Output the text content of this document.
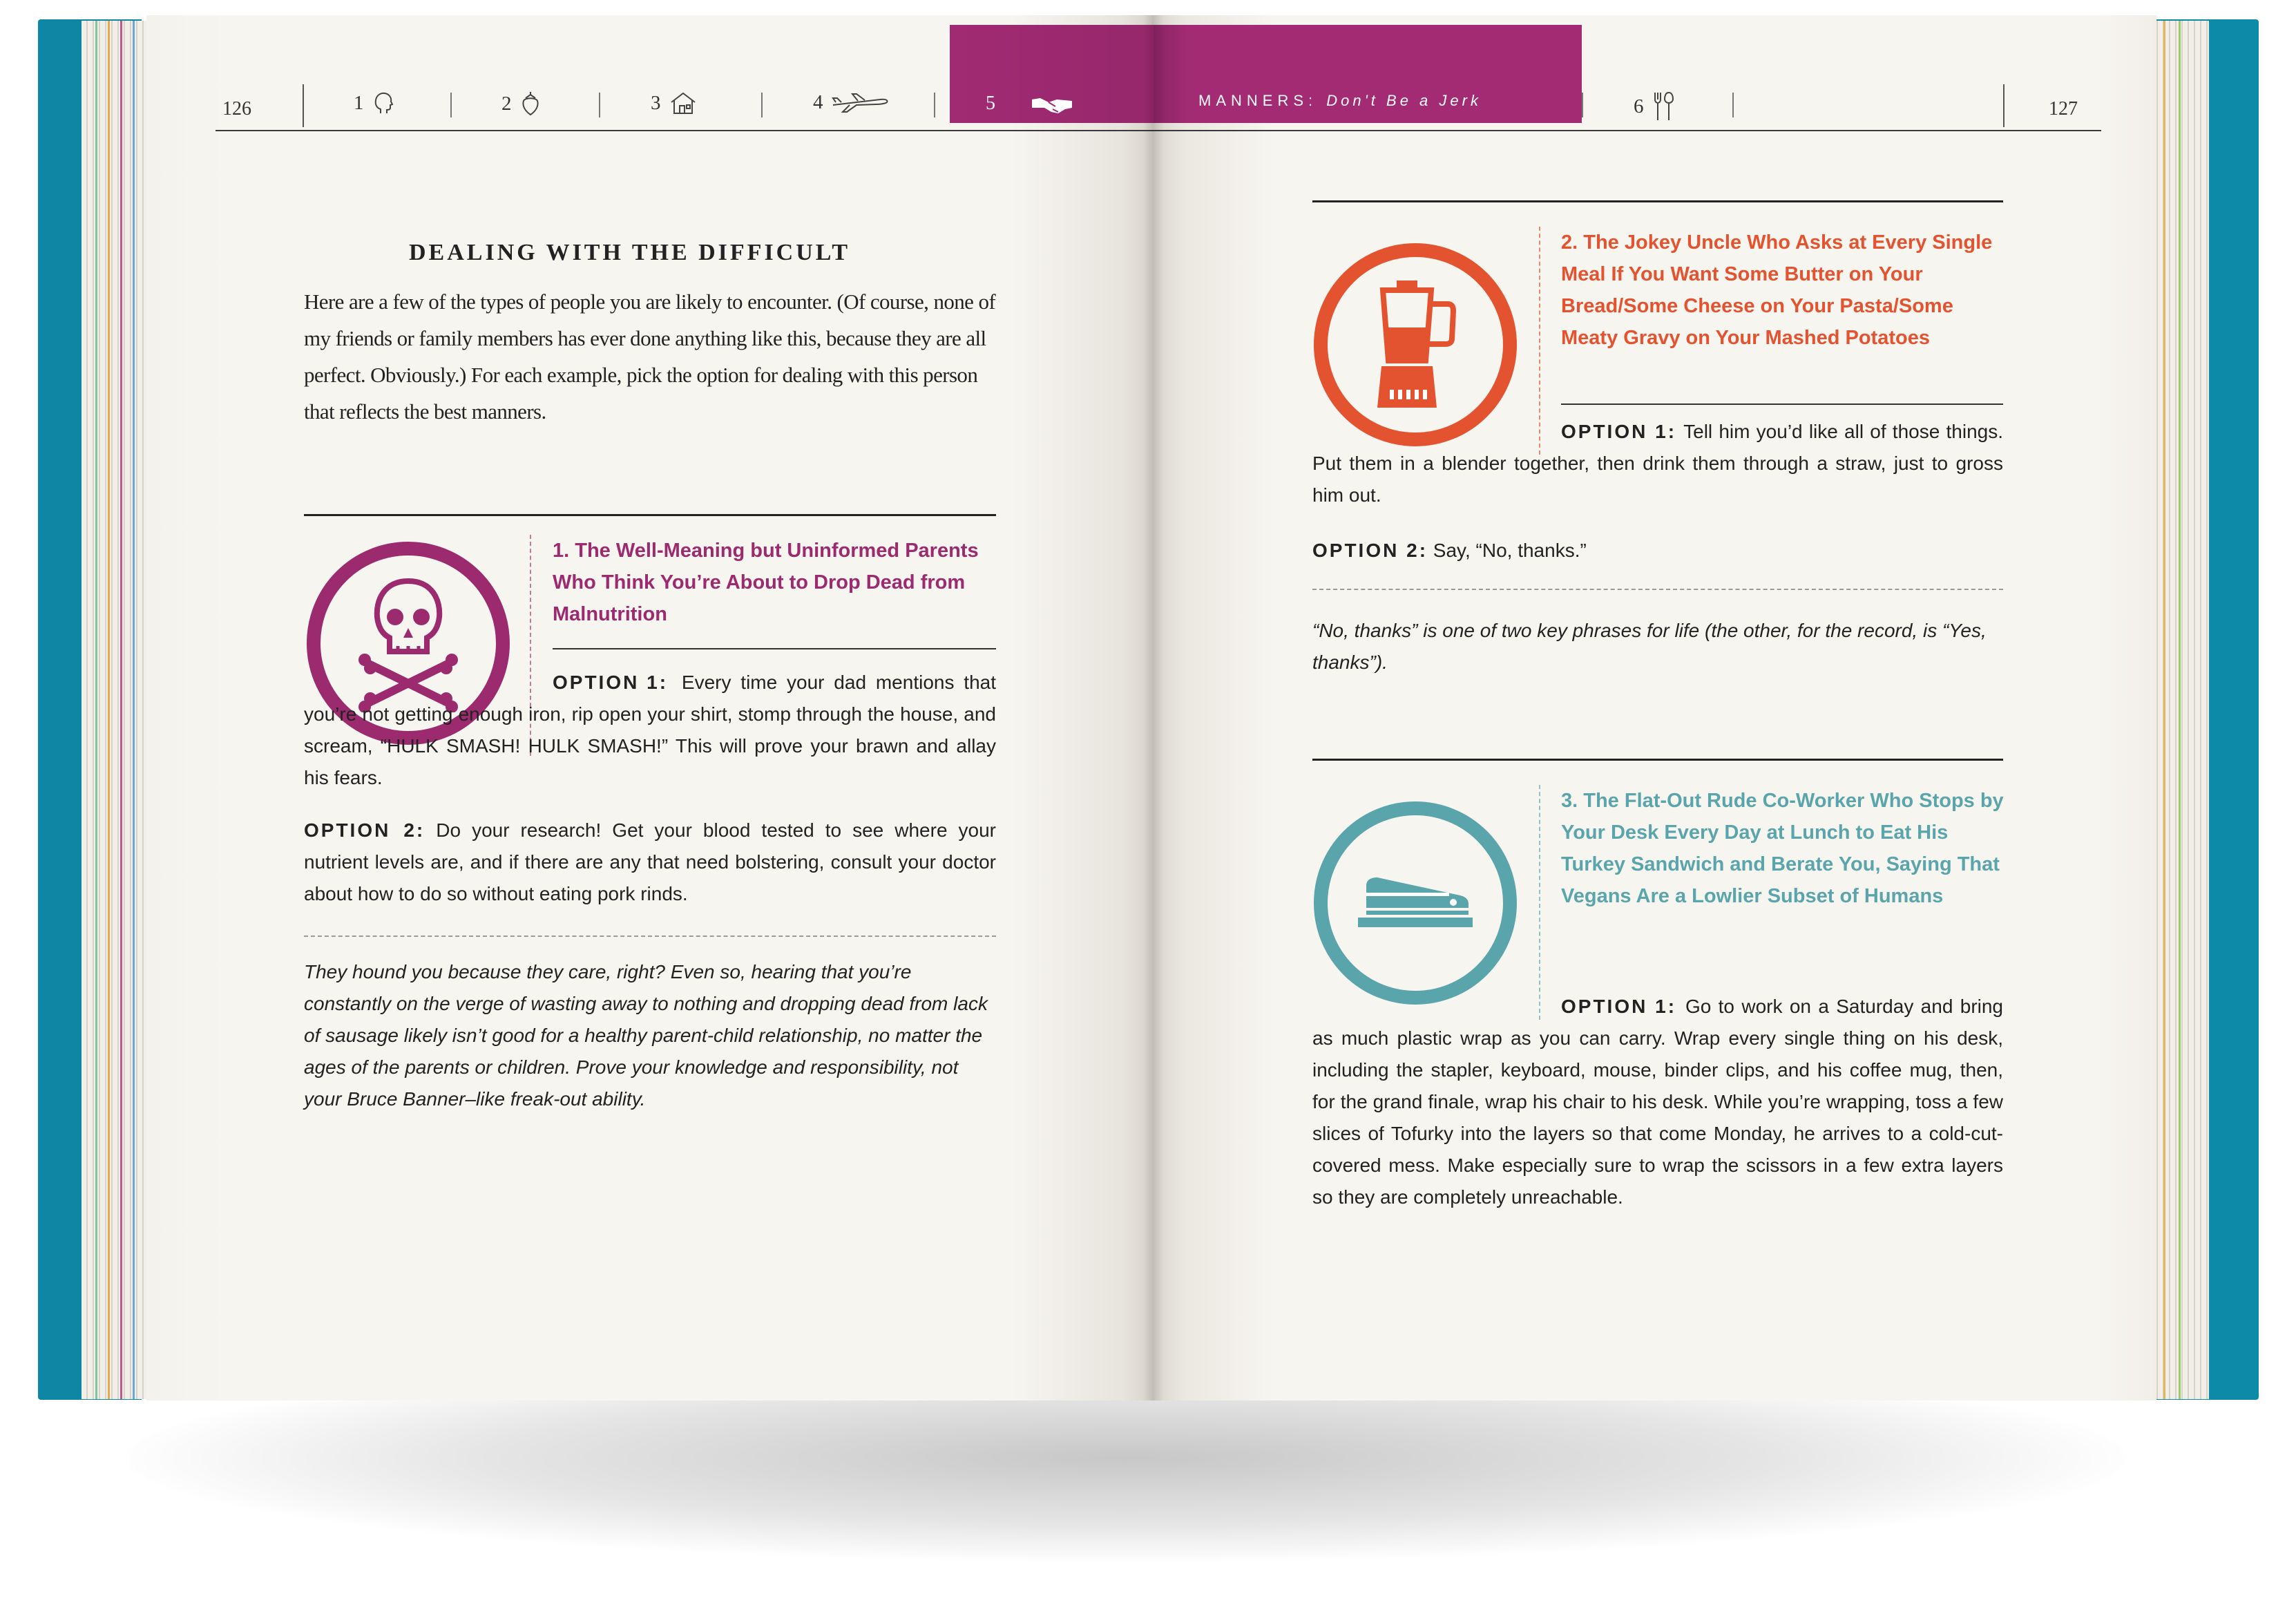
126	1	2	3	4	5
DEALING WITH THE DIFFICULT

Here are a few of the types of people you are likely to encounter. (Of course, none of my friends or family members has ever done anything like this, because they are all perfect. Obviously.) For each example, pick the option for dealing with this person that reflects the best manners.

1. The Well-Meaning but Uninformed Parents Who Think You’re About to Drop Dead from Malnutrition
OPTION 1: Every time your dad mentions that you’re not getting enough iron, rip open your shirt, stomp through the house, and scream, “HULK SMASH! HULK SMASH!” This will prove your brawn and allay his fears.

OPTION 2: Do your research! Get your blood tested to see where your nutrient levels are, and if there are any that need bolstering, consult your doctor about how to do so without eating pork rinds.

They hound you because they care, right? Even so, hearing that you’re constantly on the verge of wasting away to nothing and dropping dead from lack of sausage likely isn’t good for a healthy parent-child relationship, no matter the ages of the parents or children. Prove your knowledge and responsibility, not your Bruce Banner–like freak-out ability.

MANNERS: Don't Be a Jerk	6	127
2. The Jokey Uncle Who Asks at Every Single Meal If You Want Some Butter on Your Bread/Some Cheese on Your Pasta/Some Meaty Gravy on Your Mashed Potatoes
OPTION 1: Tell him you’d like all of those things. Put them in a blender together, then drink them through a straw, just to gross him out.

OPTION 2: Say, “No, thanks.”

“No, thanks” is one of two key phrases for life (the other, for the record, is “Yes, thanks”).

3. The Flat-Out Rude Co-Worker Who Stops by Your Desk Every Day at Lunch to Eat His Turkey Sandwich and Berate You, Saying That Vegans Are a Lowlier Subset of Humans
OPTION 1: Go to work on a Saturday and bring as much plastic wrap as you can carry. Wrap every single thing on his desk, including the stapler, keyboard, mouse, binder clips, and his coffee mug, then, for the grand finale, wrap his chair to his desk. While you’re wrapping, toss a few slices of Tofurky into the layers so that come Monday, he arrives to a cold-cut-covered mess. Make especially sure to wrap the scissors in a few extra layers so they are completely unreachable.
